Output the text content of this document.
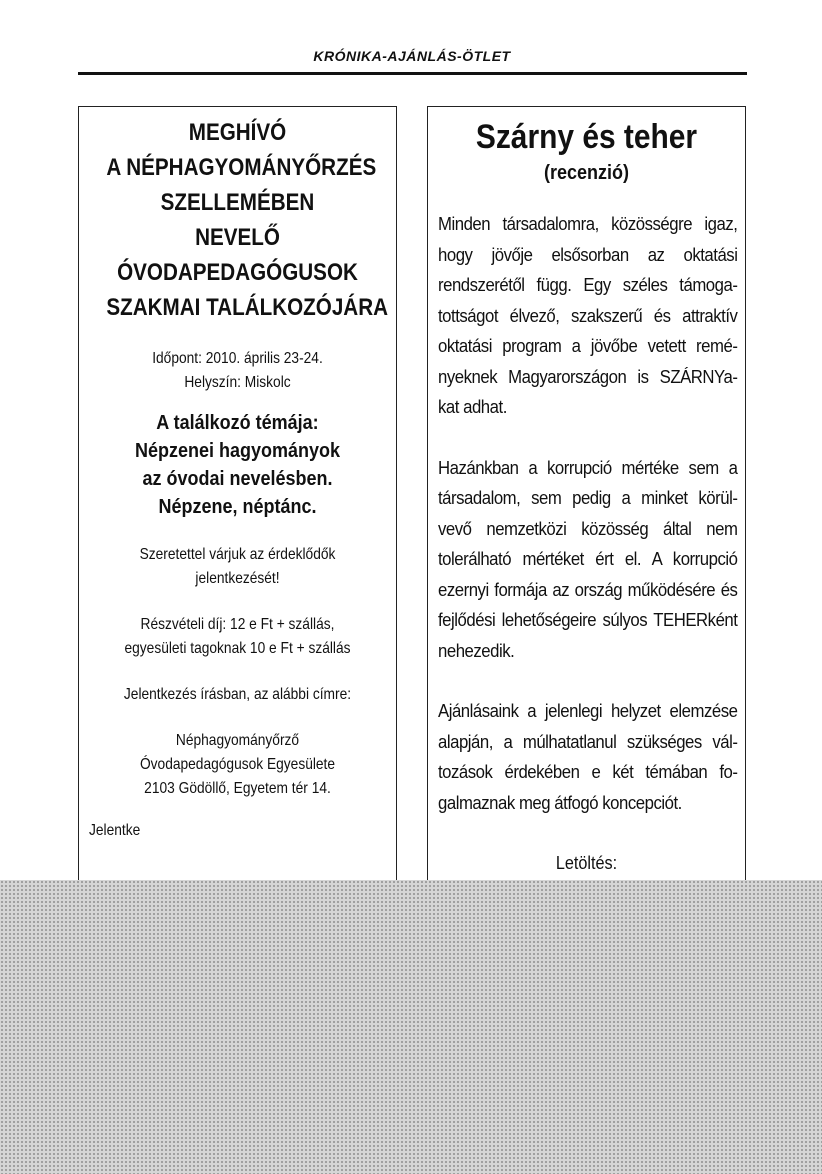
KRÓNIKA-AJÁNLÁS-ÖTLET
MEGHÍVÓ
A NÉPHAGYOMÁNYŐRZÉS
SZELLEMÉBEN
NEVELŐ
ÓVODAPEDAGÓGUSOK
SZAKMAI TALÁLKOZÓJÁRA
Időpont: 2010. április 23-24.
Helyszín: Miskolc
A találkozó témája:
Népzenei hagyományok
az óvodai nevelésben.
Népzene, néptánc.
Szeretettel várjuk az érdeklődők
jelentkezését!
Részvételi díj: 12 e Ft + szállás,
egyesületi tagoknak 10 e Ft + szállás
Jelentkezés írásban, az alábbi címre:
Néphagyományőrző
Óvodapedagógusok Egyesülete
2103 Gödöllő, Egyetem tér 14.
Jelentke
Szárny és teher
(recenzió)

Minden társadalomra, közösségre igaz, hogy jövője elsősorban az oktatási rendszerétől függ. Egy széles támoga-tottságot élvező, szakszerű és attraktív oktatási program a jövőbe vetett remé-nyeknek Magyarországon is SZÁRNYa-kat adhat.

Hazánkban a korrupció mértéke sem a társadalom, sem pedig a minket körül-vevő nemzetközi közösség által nem tolerálható mértéket ért el. A korrupció ezernyi formája az ország működésére és fejlődési lehetőségeire súlyos TEHERként nehezedik.

Ajánlásaink a jelenlegi helyzet elemzése alapján, a múlhatatlanul szükséges vál-tozások érdekében e két témában fo-galmaznak meg átfogó koncepciót.

Letöltés:
